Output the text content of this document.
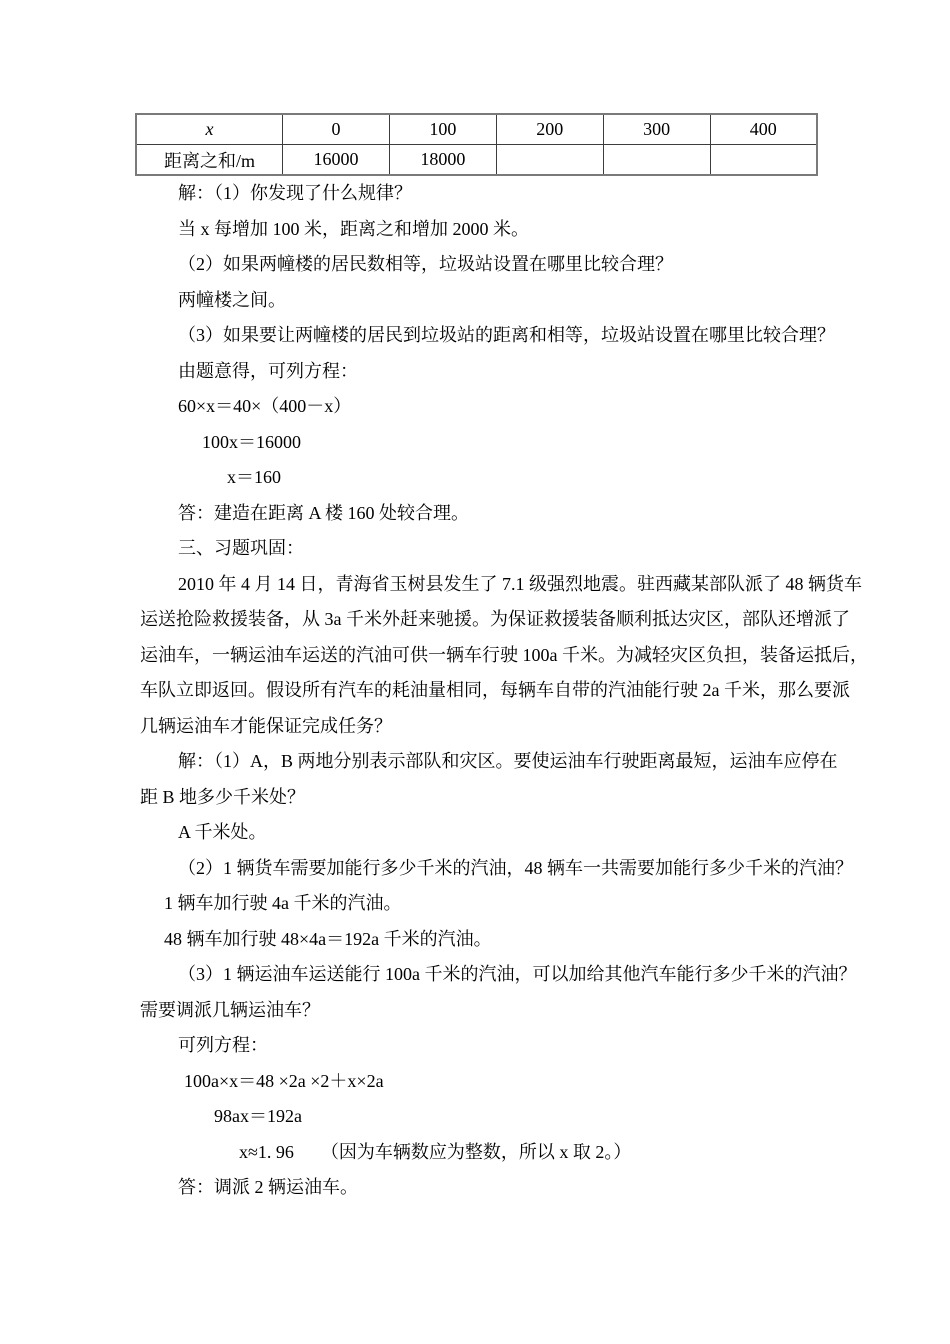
x	0	100	200	300	400
距离之和/m	16000	18000			
解：（1）你发现了什么规律？
当 x 每增加 100 米，距离之和增加 2000 米。
（2）如果两幢楼的居民数相等，垃圾站设置在哪里比较合理？
两幢楼之间。
（3）如果要让两幢楼的居民到垃圾站的距离和相等，垃圾站设置在哪里比较合理？
由题意得，可列方程：
60×x＝40×（400－x）
100x＝16000
x＝160
答：建造在距离 A 楼 160 处较合理。
三、习题巩固：
2010 年 4 月 14 日，青海省玉树县发生了 7.1 级强烈地震。驻西藏某部队派了 48 辆货车
运送抢险救援装备，从 3a 千米外赶来驰援。为保证救援装备顺利抵达灾区，部队还增派了
运油车，一辆运油车运送的汽油可供一辆车行驶 100a 千米。为减轻灾区负担，装备运抵后，
车队立即返回。假设所有汽车的耗油量相同，每辆车自带的汽油能行驶 2a 千米，那么要派
几辆运油车才能保证完成任务？
解：（1）A，B 两地分别表示部队和灾区。要使运油车行驶距离最短，运油车应停在
距 B 地多少千米处？
A 千米处。
（2）1 辆货车需要加能行多少千米的汽油，48 辆车一共需要加能行多少千米的汽油？
1 辆车加行驶 4a 千米的汽油。
48 辆车加行驶 48×4a＝192a 千米的汽油。
（3）1 辆运油车运送能行 100a 千米的汽油，可以加给其他汽车能行多少千米的汽油？
需要调派几辆运油车？
可列方程：
100a×x＝48 ×2a ×2＋x×2a
98ax＝192a
x≈1. 96　　（因为车辆数应为整数，所以 x 取 2。）
答：调派 2 辆运油车。
